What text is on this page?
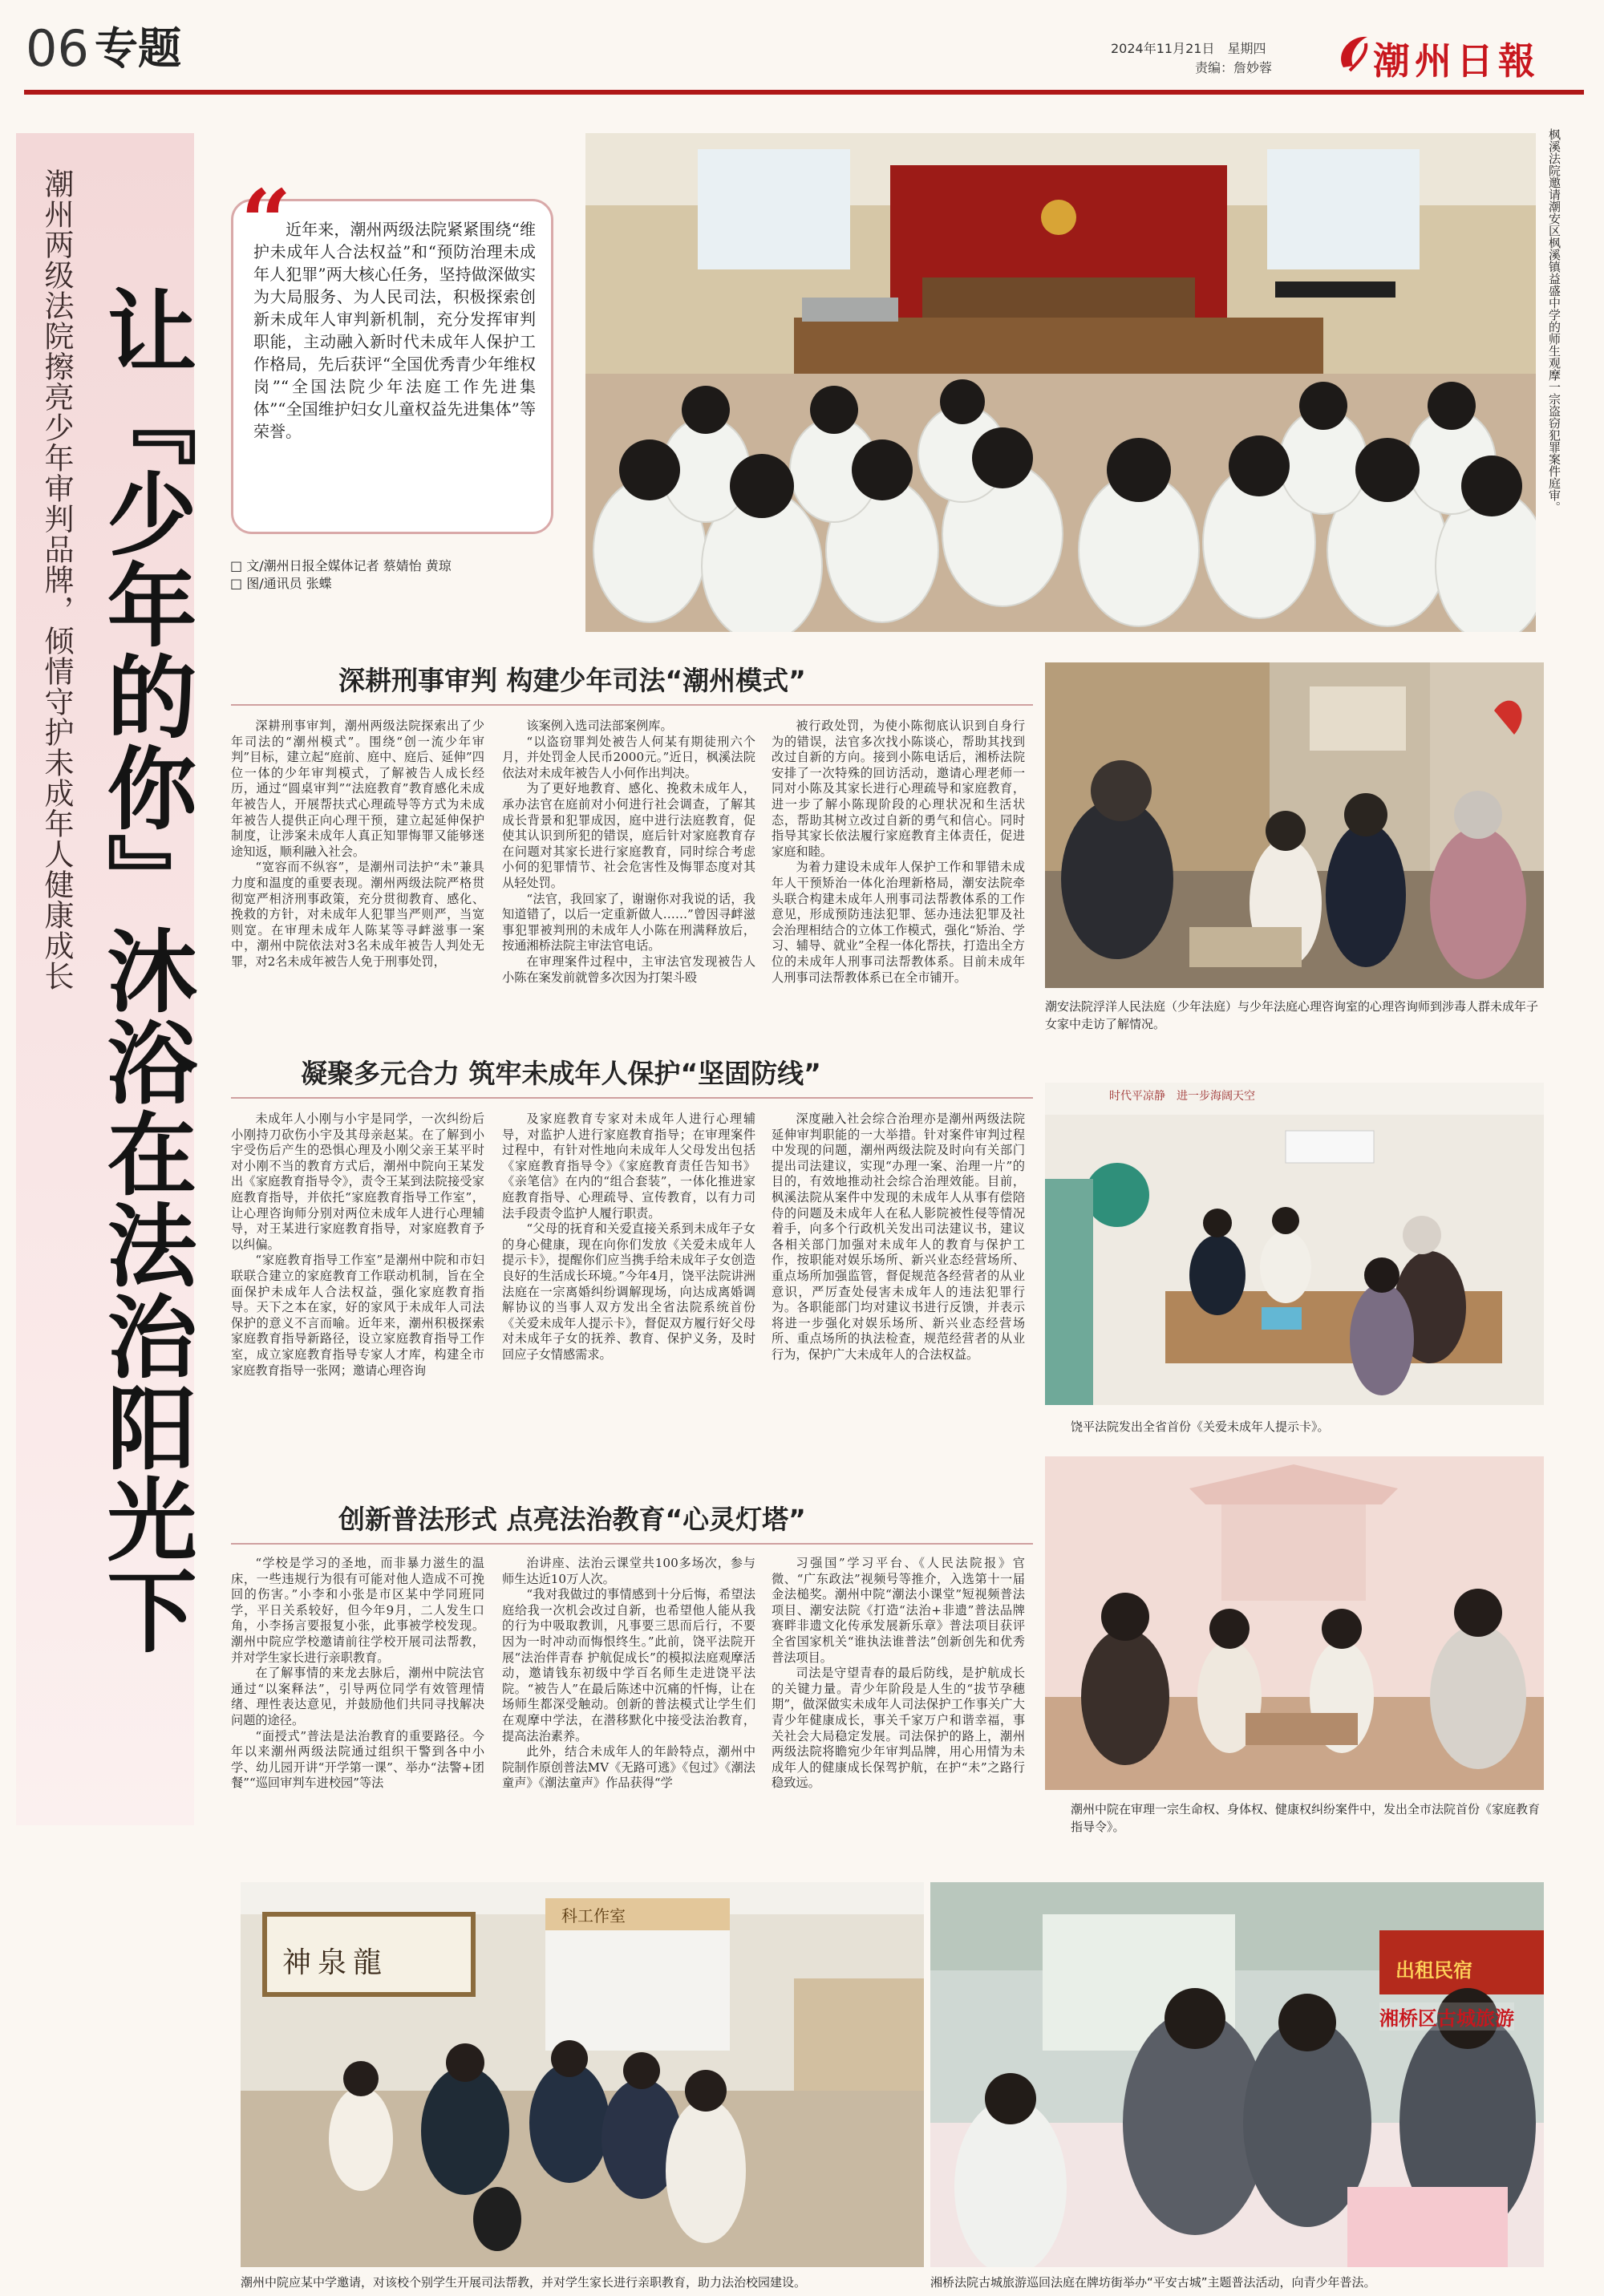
06 专题	2024年11月21日　星期四
责编：詹妙蓉	潮州日報
潮州两级法院擦亮少年审判品牌，倾情守护未成年人健康成长 让『少年的你』沐浴在法治阳光下
“
近年来，潮州两级法院紧紧围绕“维护未成年人合法权益”和“预防治理未成年人犯罪”两大核心任务，坚持做深做实为大局服务、为人民司法，积极探索创新未成年人审判新机制，充分发挥审判职能，主动融入新时代未成年人保护工作格局，先后获评“全国优秀青少年维权岗”“全国法院少年法庭工作先进集体”“全国维护妇女儿童权益先进集体”等荣誉。
□ 文/潮州日报全媒体记者 蔡婧怡 黄琼
□ 图/通讯员 张蝶
枫溪法院邀请潮安区枫溪镇益盛中学的师生观摩一宗盗窃犯罪案件庭审。
深耕刑事审判 构建少年司法“潮州模式”

深耕刑事审判，潮州两级法院探索出了少年司法的“潮州模式”。围绕“创一流少年审判”目标，建立起“庭前、庭中、庭后、延伸”四位一体的少年审判模式，了解被告人成长经历，通过“圆桌审判”“法庭教育”教育感化未成年被告人，开展帮扶式心理疏导等方式为未成年被告人提供正向心理干预，建立起延伸保护制度，让涉案未成年人真正知罪悔罪又能够迷途知返，顺利融入社会。

“宽容而不纵容”，是潮州司法护“未”兼具力度和温度的重要表现。潮州两级法院严格贯彻宽严相济刑事政策，充分贯彻教育、感化、挽救的方针，对未成年人犯罪当严则严，当宽则宽。在审理未成年人陈某等寻衅滋事一案中，潮州中院依法对3名未成年被告人判处无罪，对2名未成年被告人免于刑事处罚，

该案例入选司法部案例库。

“以盗窃罪判处被告人何某有期徒刑六个月，并处罚金人民币2000元。”近日，枫溪法院依法对未成年被告人小何作出判决。

为了更好地教育、感化、挽救未成年人，承办法官在庭前对小何进行社会调查，了解其成长背景和犯罪成因，庭中进行法庭教育，促使其认识到所犯的错误，庭后针对家庭教育存在问题对其家长进行家庭教育，同时综合考虑小何的犯罪情节、社会危害性及悔罪态度对其从轻处罚。

“法官，我回家了，谢谢你对我说的话，我知道错了，以后一定重新做人……”曾因寻衅滋事犯罪被判刑的未成年人小陈在刑满释放后，按通湘桥法院主审法官电话。

在审理案件过程中，主审法官发现被告人小陈在案发前就曾多次因为打架斗殴

被行政处罚，为使小陈彻底认识到自身行为的错误，法官多次找小陈谈心，帮助其找到改过自新的方向。接到小陈电话后，湘桥法院安排了一次特殊的回访活动，邀请心理老师一同对小陈及其家长进行心理疏导和家庭教育，进一步了解小陈现阶段的心理状况和生活状态，帮助其树立改过自新的勇气和信心。同时指导其家长依法履行家庭教育主体责任，促进家庭和睦。

为着力建设未成年人保护工作和罪错未成年人干预矫治一体化治理新格局，潮安法院牵头联合构建未成年人刑事司法帮教体系的工作意见，形成预防违法犯罪、惩办违法犯罪及社会治理相结合的立体工作模式，强化“矫治、学习、辅导、就业”全程一体化帮扶，打造出全方位的未成年人刑事司法帮教体系。目前未成年人刑事司法帮教体系已在全市铺开。

潮安法院浮洋人民法庭（少年法庭）与少年法庭心理咨询室的心理咨询师到涉毒人群未成年子女家中走访了解情况。
凝聚多元合力 筑牢未成年人保护“坚固防线”

未成年人小刚与小宇是同学，一次纠纷后小刚持刀砍伤小宇及其母亲赵某。在了解到小宇受伤后产生的恐惧心理及小刚父亲王某平时对小刚不当的教育方式后，潮州中院向王某发出《家庭教育指导令》，责令王某到法院接受家庭教育指导，并依托“家庭教育指导工作室”，让心理咨询师分别对两位未成年人进行心理辅导，对王某进行家庭教育指导，对家庭教育予以纠偏。

“家庭教育指导工作室”是潮州中院和市妇联联合建立的家庭教育工作联动机制，旨在全面保护未成年人合法权益，强化家庭教育指导。天下之本在家，好的家风于未成年人司法保护的意义不言而喻。近年来，潮州积极探索家庭教育指导新路径，设立家庭教育指导工作室，成立家庭教育指导专家人才库，构建全市家庭教育指导一张网；邀请心理咨询

及家庭教育专家对未成年人进行心理辅导，对监护人进行家庭教育指导；在审理案件过程中，有针对性地向未成年人父母发出包括《家庭教育指导令》《家庭教育责任告知书》《亲笔信》在内的“组合套装”，一体化推进家庭教育指导、心理疏导、宣传教育，以有力司法手段责令监护人履行职责。

“父母的抚育和关爱直接关系到未成年子女的身心健康，现在向你们发放《关爱未成年人提示卡》，提醒你们应当携手给未成年子女创造良好的生活成长环境。”今年4月，饶平法院讲洲法庭在一宗离婚纠纷调解现场，向达成离婚调解协议的当事人双方发出全省法院系统首份《关爱未成年人提示卡》，督促双方履行好父母对未成年子女的抚养、教育、保护义务，及时回应子女情感需求。

深度融入社会综合治理亦是潮州两级法院延伸审判职能的一大举措。针对案件审判过程中发现的问题，潮州两级法院及时向有关部门提出司法建议，实现“办理一案、治理一片”的目的，有效地推动社会综合治理效能。目前，枫溪法院从案件中发现的未成年人从事有偿陪侍的问题及未成年人在私人影院被性侵等情况着手，向多个行政机关发出司法建议书，建议各相关部门加强对未成年人的教育与保护工作，按职能对娱乐场所、新兴业态经营场所、重点场所加强监管，督促规范各经营者的从业意识，严厉查处侵害未成年人的违法犯罪行为。各职能部门均对建议书进行反馈，并表示将进一步强化对娱乐场所、新兴业态经营场所、重点场所的执法检查，规范经营者的从业行为，保护广大未成年人的合法权益。

时代平凉静　进一步海阔天空
饶平法院发出全省首份《关爱未成年人提示卡》。
创新普法形式 点亮法治教育“心灵灯塔”

“学校是学习的圣地，而非暴力滋生的温床，一些违规行为很有可能对他人造成不可挽回的伤害。”小李和小张是市区某中学同班同学，平日关系较好，但今年9月，二人发生口角，小李扬言要报复小张，此事被学校发现。潮州中院应学校邀请前往学校开展司法帮教，并对学生家长进行亲职教育。

在了解事情的来龙去脉后，潮州中院法官通过“以案释法”，引导两位同学有效管理情绪、理性表达意见，并鼓励他们共同寻找解决问题的途径。

“面授式”普法是法治教育的重要路径。今年以来潮州两级法院通过组织干警到各中小学、幼儿园开讲“开学第一课”、举办“法警+团餐”“巡回审判车进校园”等法

治讲座、法治云课堂共100多场次，参与师生达近10万人次。

“我对我做过的事情感到十分后悔，希望法庭给我一次机会改过自新，也希望他人能从我的行为中吸取教训，凡事要三思而后行，不要因为一时冲动而悔恨终生。”此前，饶平法院开展“法治伴青春 护航促成长”的模拟法庭观摩活动，邀请钱东初级中学百名师生走进饶平法院。“被告人”在最后陈述中沉痛的忏悔，让在场师生都深受触动。创新的普法模式让学生们在观摩中学法，在潜移默化中接受法治教育，提高法治素养。

此外，结合未成年人的年龄特点，潮州中院制作原创普法MV《无路可逃》《包过》《潮法童声》《潮法童声》作品获得“学

习强国”学习平台、《人民法院报》官微、“广东政法”视频号等推介，入选第十一届金法槌奖。潮州中院“潮法小课堂”短视频普法项目、潮安法院《打造“法治+非遗”普法品牌 赛畔非遗文化传承发展新乐章》普法项目获评全省国家机关“谁执法谁普法”创新创先和优秀普法项目。

司法是守望青春的最后防线，是护航成长的关键力量。青少年阶段是人生的“拔节孕穗期”，做深做实未成年人司法保护工作事关广大青少年健康成长，事关千家万户和谐幸福，事关社会大局稳定发展。司法保护的路上，潮州两级法院将瞻宛少年审判品牌，用心用情为未成年人的健康成长保驾护航，在护“未”之路行稳致远。

潮州中院在审理一宗生命权、身体权、健康权纠纷案件中，发出全市法院首份《家庭教育指导令》。
神泉龍
科工作室
潮州中院应某中学邀请，对该校个别学生开展司法帮教，并对学生家长进行亲职教育，助力法治校园建设。
出租民宿
湘桥区古城旅游
湘桥法院古城旅游巡回法庭在牌坊街举办“平安古城”主题普法活动，向青少年普法。
